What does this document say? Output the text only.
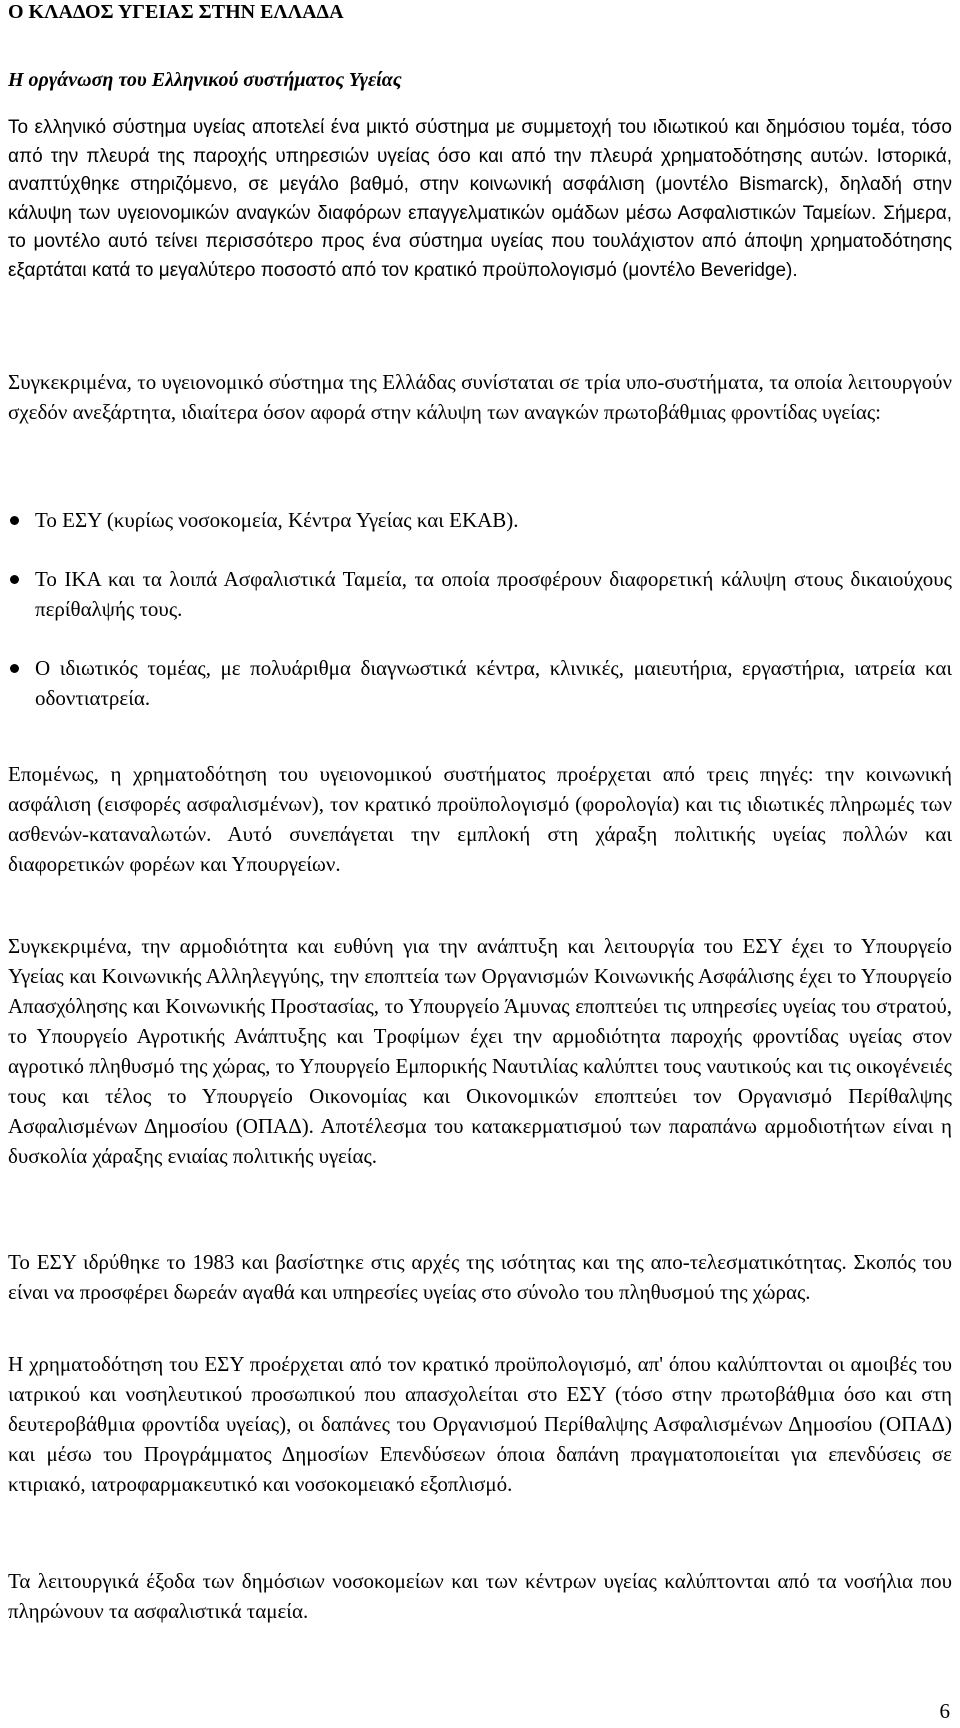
Ο ΚΛΑΔΟΣ ΥΓΕΙΑΣ ΣΤΗΝ ΕΛΛΑΔΑ
Η οργάνωση του Ελληνικού συστήματος Υγείας

Το ελληνικό σύστημα υγείας αποτελεί ένα μικτό σύστημα με συμμετοχή του ιδιωτικού και δημόσιου τομέα, τόσο από την πλευρά της παροχής υπηρεσιών υγείας όσο και από την πλευρά χρηματοδότησης αυτών. Ιστορικά, αναπτύχθηκε στηριζόμενο, σε μεγάλο βαθμό, στην κοινωνική ασφάλιση (μοντέλο Bismarck), δηλαδή στην κάλυψη των υγειονομικών αναγκών διαφόρων επαγγελματικών ομάδων μέσω Ασφαλιστικών Ταμείων. Σήμερα, το μοντέλο αυτό τείνει περισσότερο προς ένα σύστημα υγείας που τουλάχιστον από άποψη χρηματοδότησης εξαρτάται κατά το μεγαλύτερο ποσοστό από τον κρατικό προϋπολογισμό (μοντέλο Beveridge).

Συγκεκριμένα, το υγειονομικό σύστημα της Ελλάδας συνίσταται σε τρία υπο-συστήματα, τα οποία λειτουργούν σχεδόν ανεξάρτητα, ιδιαίτερα όσον αφορά στην κάλυψη των αναγκών πρωτοβάθμιας φροντίδας υγείας:

Το ΕΣΥ (κυρίως νοσοκομεία, Κέντρα Υγείας και ΕΚΑΒ).
Το ΙΚΑ και τα λοιπά Ασφαλιστικά Ταμεία, τα οποία προσφέρουν διαφορετική κάλυψη στους δικαιούχους περίθαλψής τους.
Ο ιδιωτικός τομέας, με πολυάριθμα διαγνωστικά κέντρα, κλινικές, μαιευτήρια, εργαστήρια, ιατρεία και οδοντιατρεία.

Επομένως, η χρηματοδότηση του υγειονομικού συστήματος προέρχεται από τρεις πηγές: την κοινωνική ασφάλιση (εισφορές ασφαλισμένων), τον κρατικό προϋπολογισμό (φορολογία) και τις ιδιωτικές πληρωμές των ασθενών-καταναλωτών. Αυτό συνεπάγεται την εμπλοκή στη χάραξη πολιτικής υγείας πολλών και διαφορετικών φορέων και Υπουργείων.

Συγκεκριμένα, την αρμοδιότητα και ευθύνη για την ανάπτυξη και λειτουργία του ΕΣΥ έχει το Υπουργείο Υγείας και Κοινωνικής Αλληλεγγύης, την εποπτεία των Οργανισμών Κοινωνικής Ασφάλισης έχει το Υπουργείο Απασχόλησης και Κοινωνικής Προστασίας, το Υπουργείο Άμυνας εποπτεύει τις υπηρεσίες υγείας του στρατού, το Υπουργείο Αγροτικής Ανάπτυξης και Τροφίμων έχει την αρμοδιότητα παροχής φροντίδας υγείας στον αγροτικό πληθυσμό της χώρας, το Υπουργείο Εμπορικής Ναυτιλίας καλύπτει τους ναυτικούς και τις οικογένειές τους και τέλος το Υπουργείο Οικονομίας και Οικονομικών εποπτεύει τον Οργανισμό Περίθαλψης Ασφαλισμένων Δημοσίου (ΟΠΑΔ). Αποτέλεσμα του κατακερματισμού των παραπάνω αρμοδιοτήτων είναι η δυσκολία χάραξης ενιαίας πολιτικής υγείας.

Το ΕΣΥ ιδρύθηκε το 1983 και βασίστηκε στις αρχές της ισότητας και της απο-τελεσματικότητας. Σκοπός του είναι να προσφέρει δωρεάν αγαθά και υπηρεσίες υγείας στο σύνολο του πληθυσμού της χώρας.

Η χρηματοδότηση του ΕΣΥ προέρχεται από τον κρατικό προϋπολογισμό, απ' όπου καλύπτονται οι αμοιβές του ιατρικού και νοσηλευτικού προσωπικού που απασχολείται στο ΕΣΥ (τόσο στην πρωτοβάθμια όσο και στη δευτεροβάθμια φροντίδα υγείας), οι δαπάνες του Οργανισμού Περίθαλψης Ασφαλισμένων Δημοσίου (ΟΠΑΔ) και μέσω του Προγράμματος Δημοσίων Επενδύσεων όποια δαπάνη πραγματοποιείται για επενδύσεις σε κτιριακό, ιατροφαρμακευτικό και νοσοκομειακό εξοπλισμό.

Τα λειτουργικά έξοδα των δημόσιων νοσοκομείων και των κέντρων υγείας καλύπτονται από τα νοσήλια που πληρώνουν τα ασφαλιστικά ταμεία.

6
